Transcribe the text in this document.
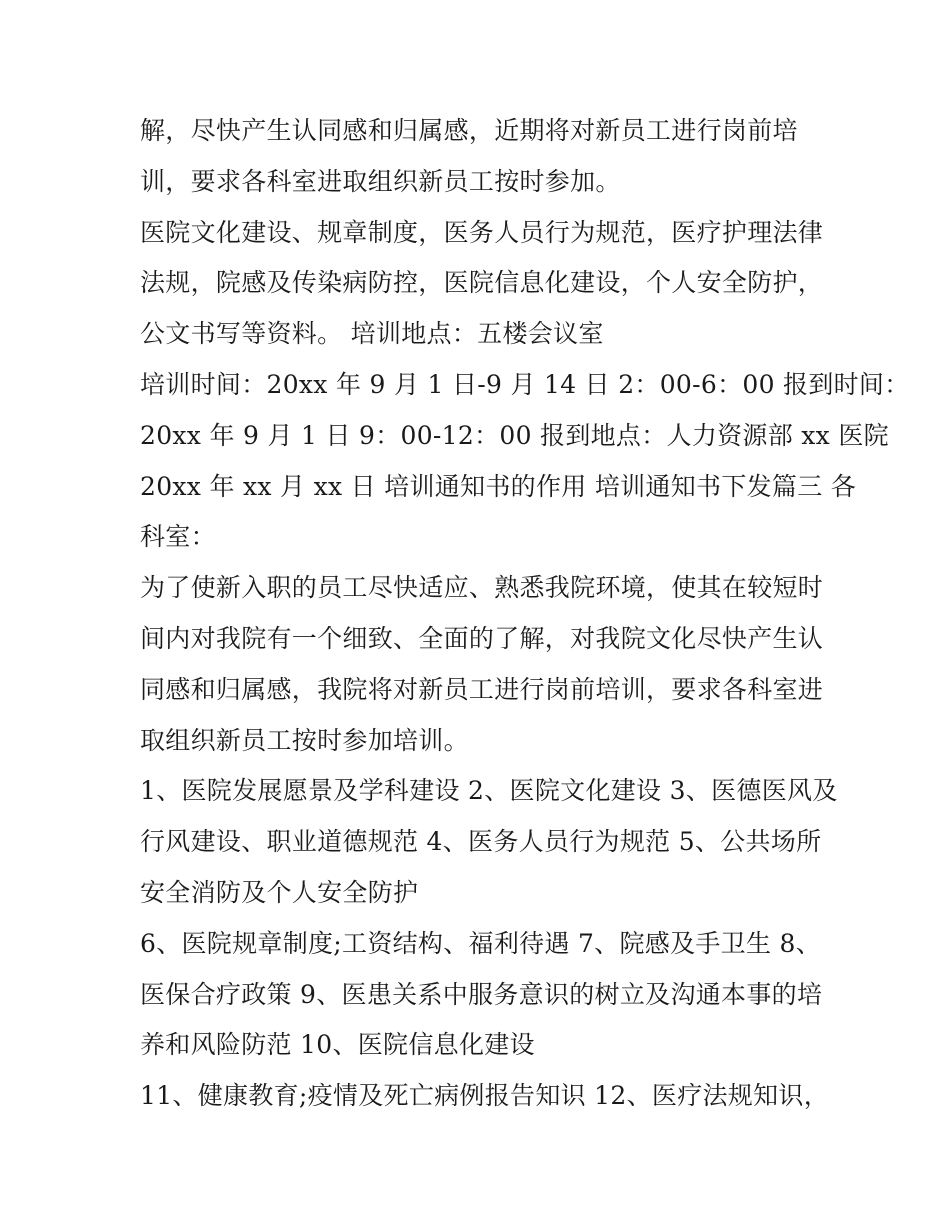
解，尽快产生认同感和归属感，近期将对新员工进行岗前培
训，要求各科室进取组织新员工按时参加。
医院文化建设、规章制度，医务人员行为规范，医疗护理法律
法规，院感及传染病防控，医院信息化建设，个人安全防护，
公文书写等资料。 培训地点：五楼会议室
培训时间：20xx 年 9 月 1 日-9 月 14 日 2：00-6：00 报到时间：
20xx 年 9 月 1 日 9：00-12：00 报到地点：人力资源部 xx 医院
20xx 年 xx 月 xx 日 培训通知书的作用 培训通知书下发篇三 各
科室：
为了使新入职的员工尽快适应、熟悉我院环境，使其在较短时
间内对我院有一个细致、全面的了解，对我院文化尽快产生认
同感和归属感，我院将对新员工进行岗前培训，要求各科室进
取组织新员工按时参加培训。
1、医院发展愿景及学科建设 2、医院文化建设 3、医德医风及
行风建设、职业道德规范 4、医务人员行为规范 5、公共场所
安全消防及个人安全防护
6、医院规章制度;工资结构、福利待遇 7、院感及手卫生 8、
医保合疗政策 9、医患关系中服务意识的树立及沟通本事的培
养和风险防范 10、医院信息化建设
11、健康教育;疫情及死亡病例报告知识 12、医疗法规知识，
